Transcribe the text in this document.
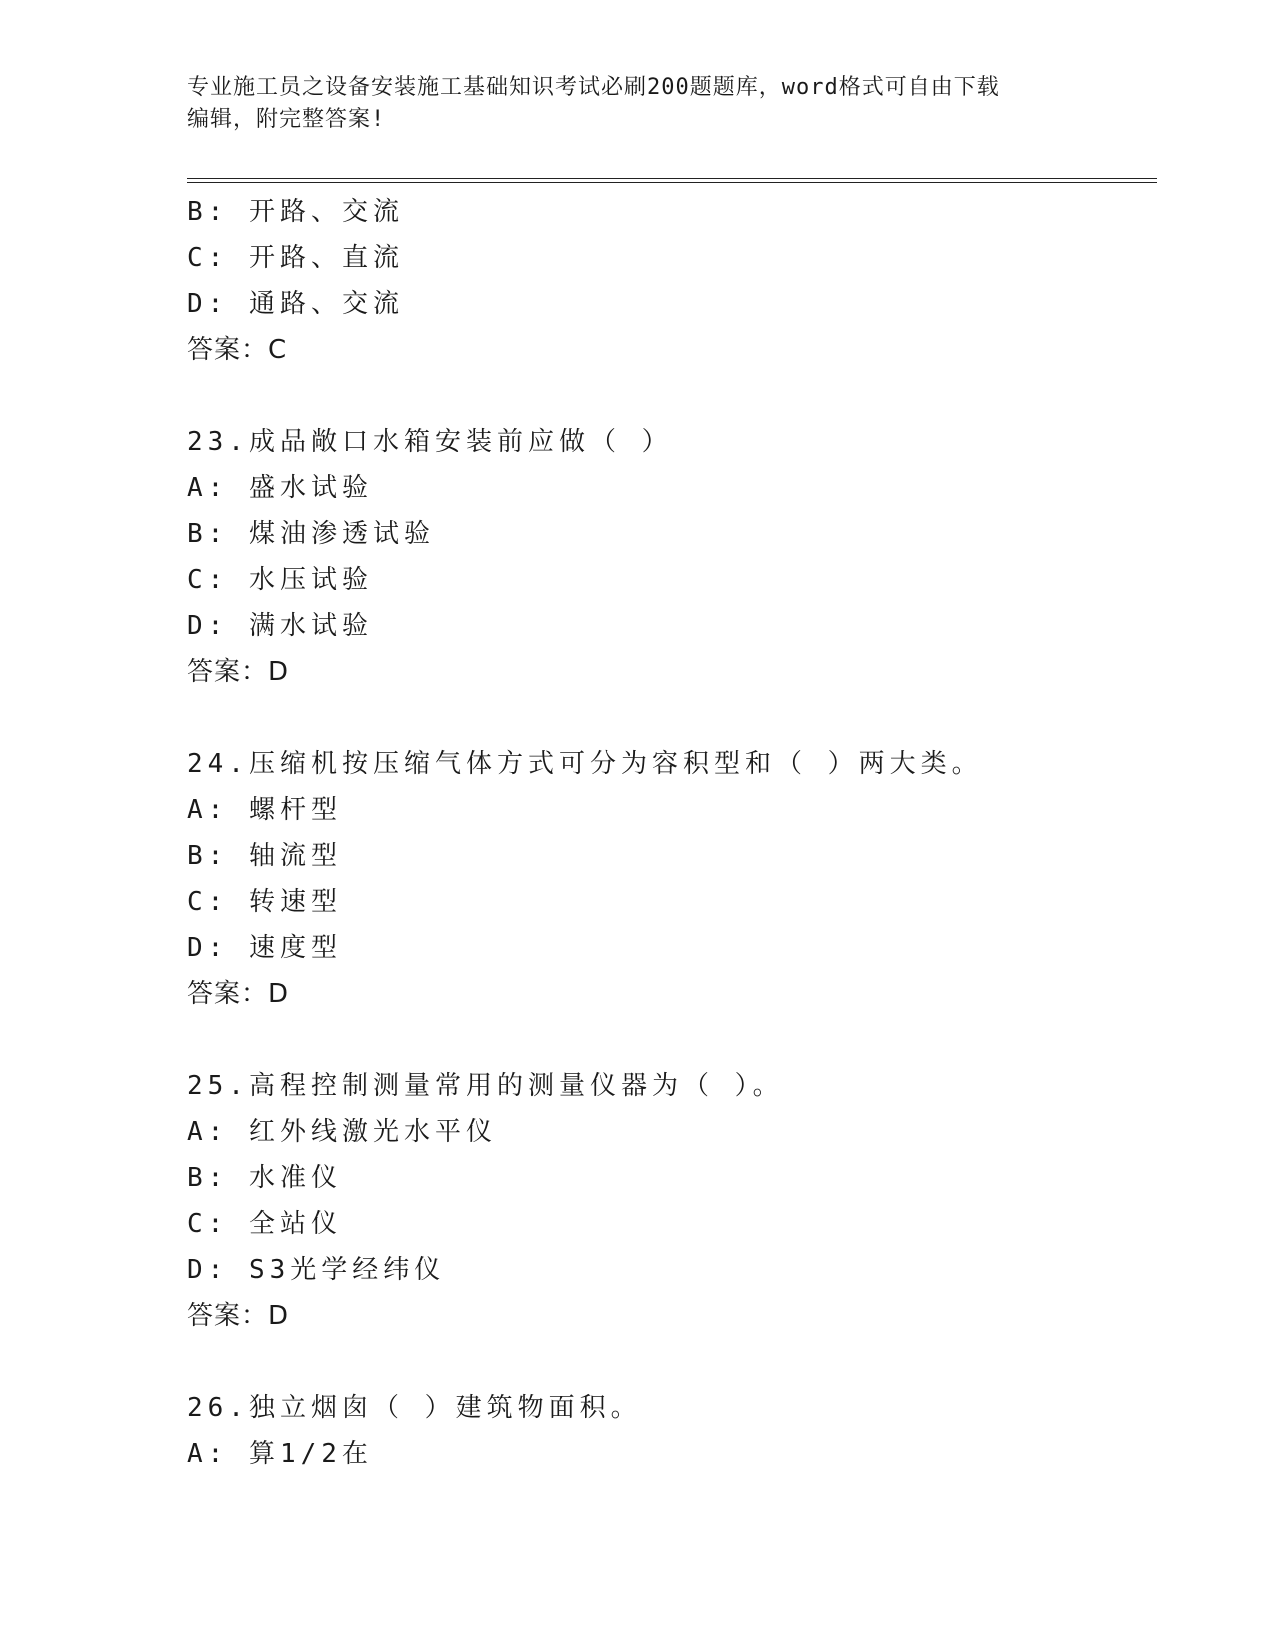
专业施工员之设备安装施工基础知识考试必刷200题题库，word格式可自由下载
编辑，附完整答案!
B: 开路、交流
C: 开路、直流
D: 通路、交流
答案：C
23.成品敞口水箱安装前应做（ ）
A: 盛水试验
B: 煤油渗透试验
C: 水压试验
D: 满水试验
答案：D
24.压缩机按压缩气体方式可分为容积型和（ ）两大类。
A: 螺杆型
B: 轴流型
C: 转速型
D: 速度型
答案：D
25.高程控制测量常用的测量仪器为（ ）。
A: 红外线激光水平仪
B: 水准仪
C: 全站仪
D: S3光学经纬仪
答案：D
26.独立烟囱（ ）建筑物面积。
A: 算1/2在
